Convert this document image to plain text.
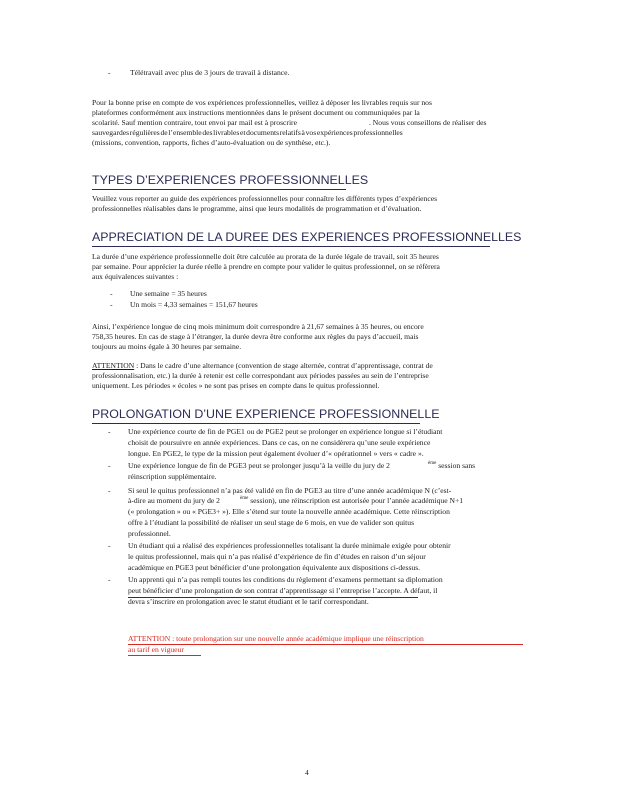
-	Télétravail avec plus de 3 jours de travail à distance.
Pour la bonne prise en compte de vos expériences professionnelles, veillez à déposer les livrables requis sur nos
plateformes conformément aux instructions mentionnées dans le présent document ou communiquées par la
scolarité. Sauf mention contraire, tout envoi par mail est à proscrire	. Nous vous conseillons de réaliser des
sauvegardes régulières de l’ensemble des livrables et documents relatifs à vos expériences professionnelles
(missions, convention, rapports, fiches d’auto-évaluation ou de synthèse, etc.).
TYPES D’EXPERIENCES PROFESSIONNELLES
Veuillez vous reporter au guide des expériences professionnelles pour connaître les différents types d’expériences
professionnelles réalisables dans le programme, ainsi que leurs modalités de programmation et d’évaluation.
APPRECIATION DE LA DUREE DES EXPERIENCES PROFESSIONNELLES
La durée d’une expérience professionnelle doit être calculée au prorata de la durée légale de travail, soit 35 heures
par semaine. Pour apprécier la durée réelle à prendre en compte pour valider le quitus professionnel, on se réfèrera
aux équivalences suivantes :
- Une semaine = 35 heures
- Un mois = 4,33 semaines = 151,67 heures
Ainsi, l’expérience longue de cinq mois minimum doit correspondre à 21,67 semaines à 35 heures, ou encore
758,35 heures. En cas de stage à l’étranger, la durée devra être conforme aux règles du pays d’accueil, mais
toujours au moins égale à 30 heures par semaine.
ATTENTION : Dans le cadre d’une alternance (convention de stage alternée, contrat d’apprentissage, contrat de
professionnalisation, etc.) la durée à retenir est celle correspondant aux périodes passées au sein de l’entreprise
uniquement. Les périodes « écoles » ne sont pas prises en compte dans le quitus professionnel.
PROLONGATION D’UNE EXPERIENCE PROFESSIONNELLE
- Une expérience courte de fin de PGE1 ou de PGE2 peut se prolonger en expérience longue si l’étudiant
choisit de poursuivre en année expériences. Dans ce cas, on ne considèrera qu’une seule expérience
longue. En PGE2, le type de la mission peut également évoluer d’« opérationnel » vers « cadre ».
- Une expérience longue de fin de PGE3 peut se prolonger jusqu’à la veille du jury de 2	$^{ème}$ session sans
réinscription supplémentaire.
- Si seul le quitus professionnel n’a pas été validé en fin de PGE3 au titre d’une année académique N (c’est-
à-dire au moment du jury de 2	$^{ème}$ session), une réinscription est autorisée pour l’année académique N+1
(« prolongation » ou « PGE3+ »). Elle s’étend sur toute la nouvelle année académique. Cette réinscription
offre à l’étudiant la possibilité de réaliser un seul stage de 6 mois, en vue de valider son quitus
professionnel.
- Un étudiant qui a réalisé des expériences professionnelles totalisant la durée minimale exigée pour obtenir
le quitus professionnel, mais qui n’a pas réalisé d’expérience de fin d’études en raison d’un séjour
académique en PGE3 peut bénéficier d’une prolongation équivalente aux dispositions ci-dessus.
- Un apprenti qui n’a pas rempli toutes les conditions du règlement d’examens permettant sa diplomation
peut bénéficier d’une prolongation de son contrat d’apprentissage si l’entreprise l’accepte. A défaut, il
devra s’inscrire en prolongation avec le statut étudiant et le tarif correspondant.
ATTENTION : toute prolongation sur une nouvelle année académique implique une réinscription
au tarif en vigueur
4
